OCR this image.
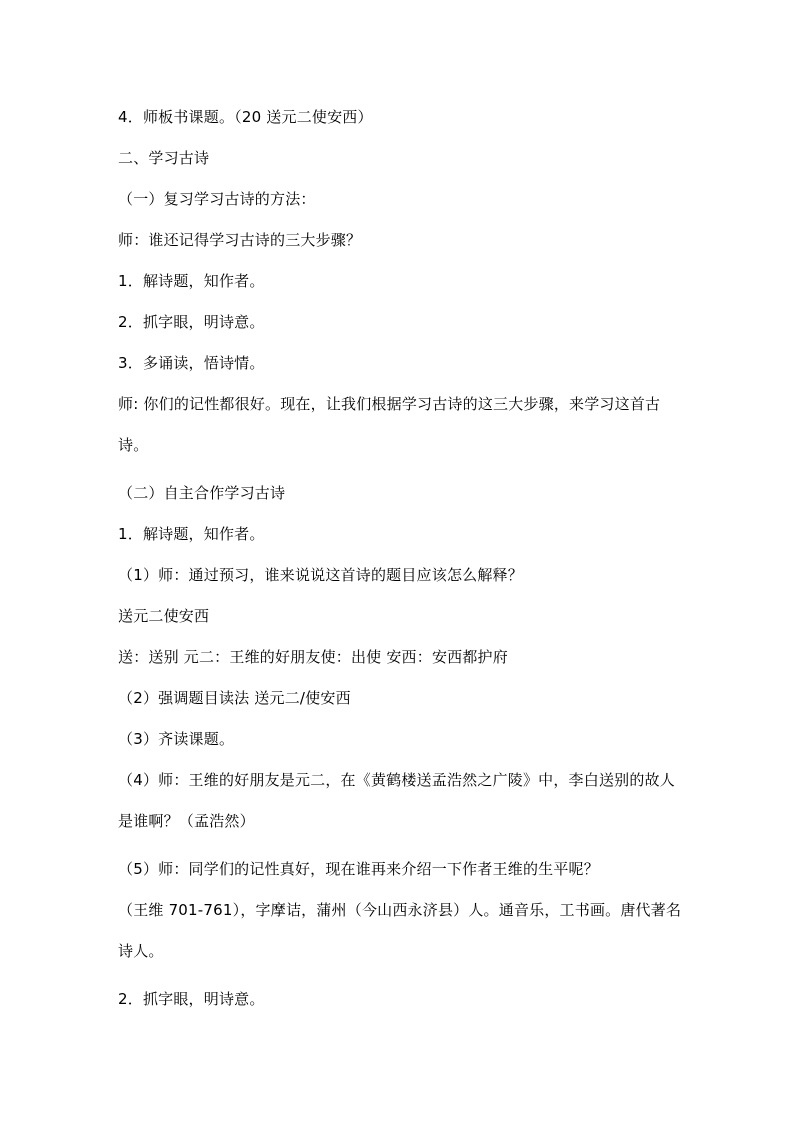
4．师板书课题。（20 送元二使安西）

二、学习古诗

（一）复习学习古诗的方法：

师：谁还记得学习古诗的三大步骤？

1．解诗题，知作者。

2．抓字眼，明诗意。

3．多诵读，悟诗情。

师: 你们的记性都很好。现在，让我们根据学习古诗的这三大步骤，来学习这首古诗。

（二）自主合作学习古诗

1．解诗题，知作者。

（1）师：通过预习，谁来说说这首诗的题目应该怎么解释？

送元二使安西

送：送别 元二：王维的好朋友使：出使 安西：安西都护府

（2）强调题目读法 送元二/使安西

（3）齐读课题。

（4）师：王维的好朋友是元二，在《黄鹤楼送孟浩然之广陵》中，李白送别的故人是谁啊？（孟浩然）

（5）师：同学们的记性真好，现在谁再来介绍一下作者王维的生平呢？

（王维 701-761），字摩诘，蒲州（今山西永济县）人。通音乐，工书画。唐代著名诗人。

2．抓字眼，明诗意。
